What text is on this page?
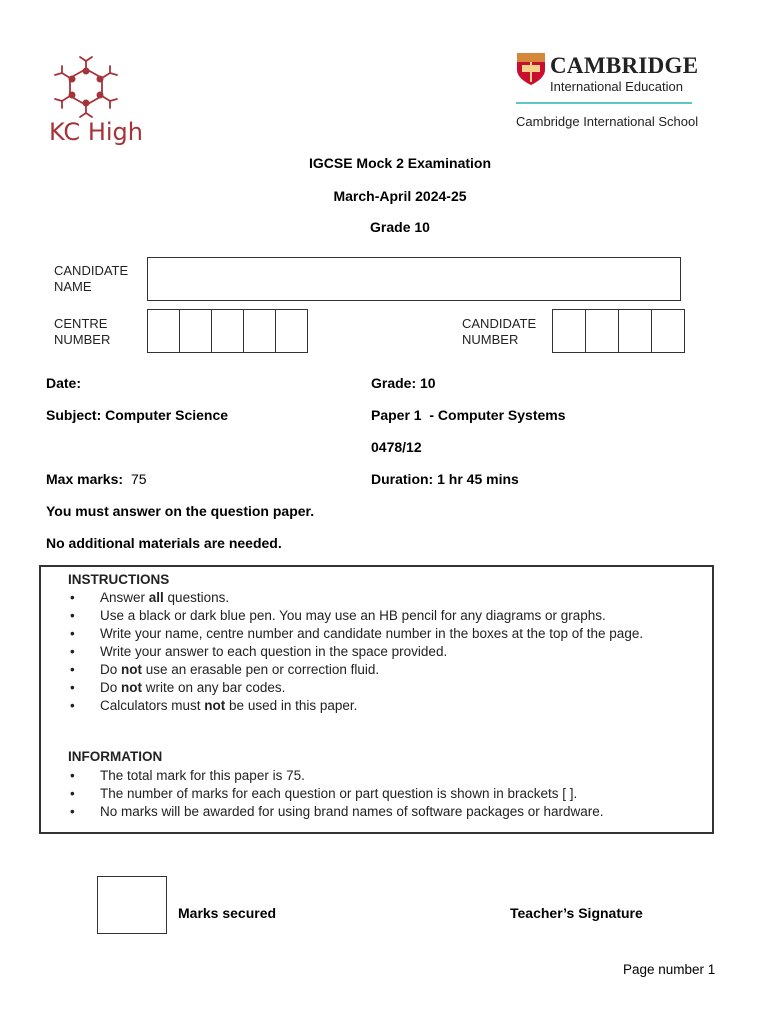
KC High
CAMBRIDGE
International Education
Cambridge International School
IGCSE Mock 2 Examination
March-April 2024-25
Grade 10
CANDIDATE
NAME
CENTRE
NUMBER
CANDIDATE
NUMBER
Date:	Grade: 10
Subject: Computer Science	Paper 1  - Computer Systems
0478/12
Max marks: 75	Duration: 1 hr 45 mins
You must answer on the question paper.
No additional materials are needed.
INSTRUCTIONS
• Answer all questions.
• Use a black or dark blue pen. You may use an HB pencil for any diagrams or graphs.
• Write your name, centre number and candidate number in the boxes at the top of the page.
• Write your answer to each question in the space provided.
• Do not use an erasable pen or correction fluid.
• Do not write on any bar codes.
• Calculators must not be used in this paper.
INFORMATION
• The total mark for this paper is 75.
• The number of marks for each question or part question is shown in brackets [ ].
• No marks will be awarded for using brand names of software packages or hardware.
Marks secured	Teacher’s Signature
Page number 1
